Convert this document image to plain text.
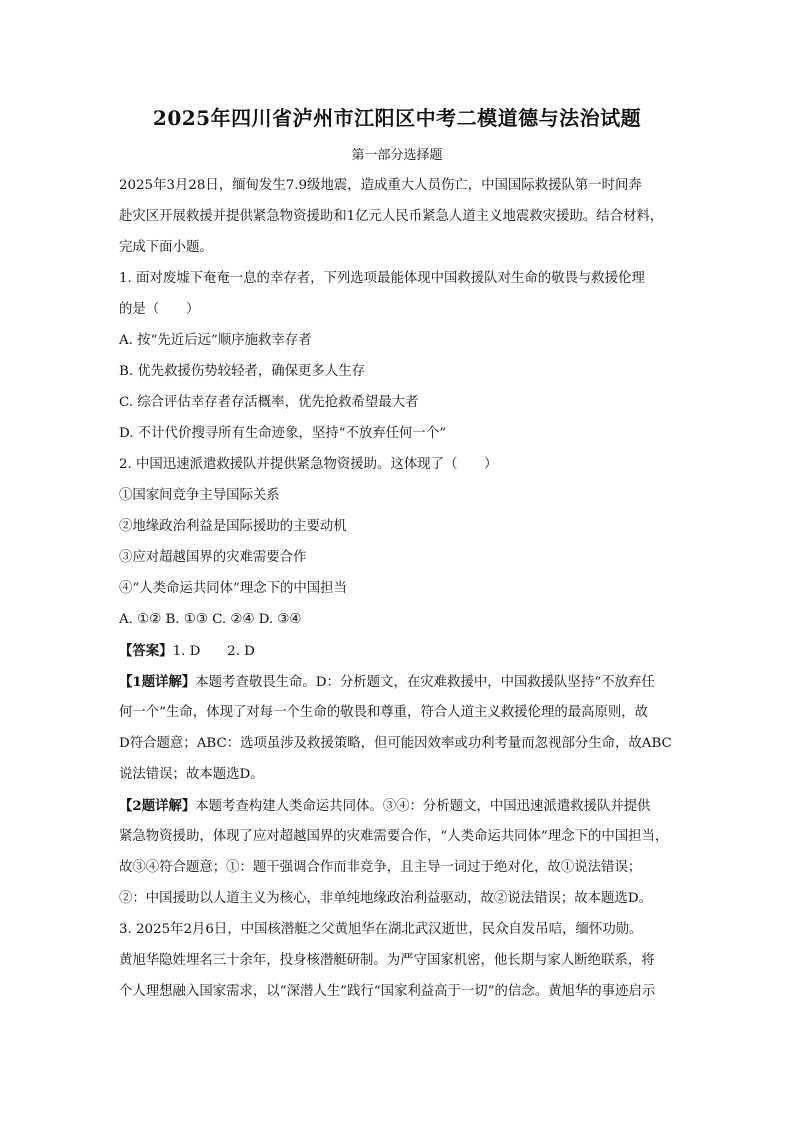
2025年四川省泸州市江阳区中考二模道德与法治试题
第一部分选择题
2025年3月28日，缅甸发生7.9级地震，造成重大人员伤亡，中国国际救援队第一时间奔
赴灾区开展救援并提供紧急物资援助和1亿元人民币紧急人道主义地震救灾援助。结合材料，
完成下面小题。
1. 面对废墟下奄奄一息的幸存者，下列选项最能体现中国救援队对生命的敬畏与救援伦理
的是（　　）
A. 按“先近后远”顺序施救幸存者
B. 优先救援伤势较轻者，确保更多人生存
C. 综合评估幸存者存活概率，优先抢救希望最大者
D. 不计代价搜寻所有生命迹象，坚持“不放弃任何一个”
2. 中国迅速派遣救援队并提供紧急物资援助。这体现了（　　）
①国家间竞争主导国际关系
②地缘政治利益是国际援助的主要动机
③应对超越国界的灾难需要合作
④“人类命运共同体”理念下的中国担当
A. ①② B. ①③ C. ②④ D. ③④
【答案】1. D　　2. D
【1题详解】本题考查敬畏生命。D：分析题文，在灾难救援中，中国救援队坚持“不放弃任
何一个”生命，体现了对每一个生命的敬畏和尊重，符合人道主义救援伦理的最高原则，故
D符合题意；ABC：选项虽涉及救援策略，但可能因效率或功利考量而忽视部分生命，故ABC
说法错误；故本题选D。
【2题详解】本题考查构建人类命运共同体。③④：分析题文，中国迅速派遣救援队并提供
紧急物资援助，体现了应对超越国界的灾难需要合作，“人类命运共同体”理念下的中国担当，
故③④符合题意；①：题干强调合作而非竞争，且主导一词过于绝对化，故①说法错误；
②：中国援助以人道主义为核心，非单纯地缘政治利益驱动，故②说法错误；故本题选D。
3. 2025年2月6日，中国核潜艇之父黄旭华在湖北武汉逝世，民众自发吊唁，缅怀功勋。
黄旭华隐姓埋名三十余年，投身核潜艇研制。为严守国家机密，他长期与家人断绝联系，将
个人理想融入国家需求，以“深潜人生”践行“国家利益高于一切”的信念。黄旭华的事迹启示
